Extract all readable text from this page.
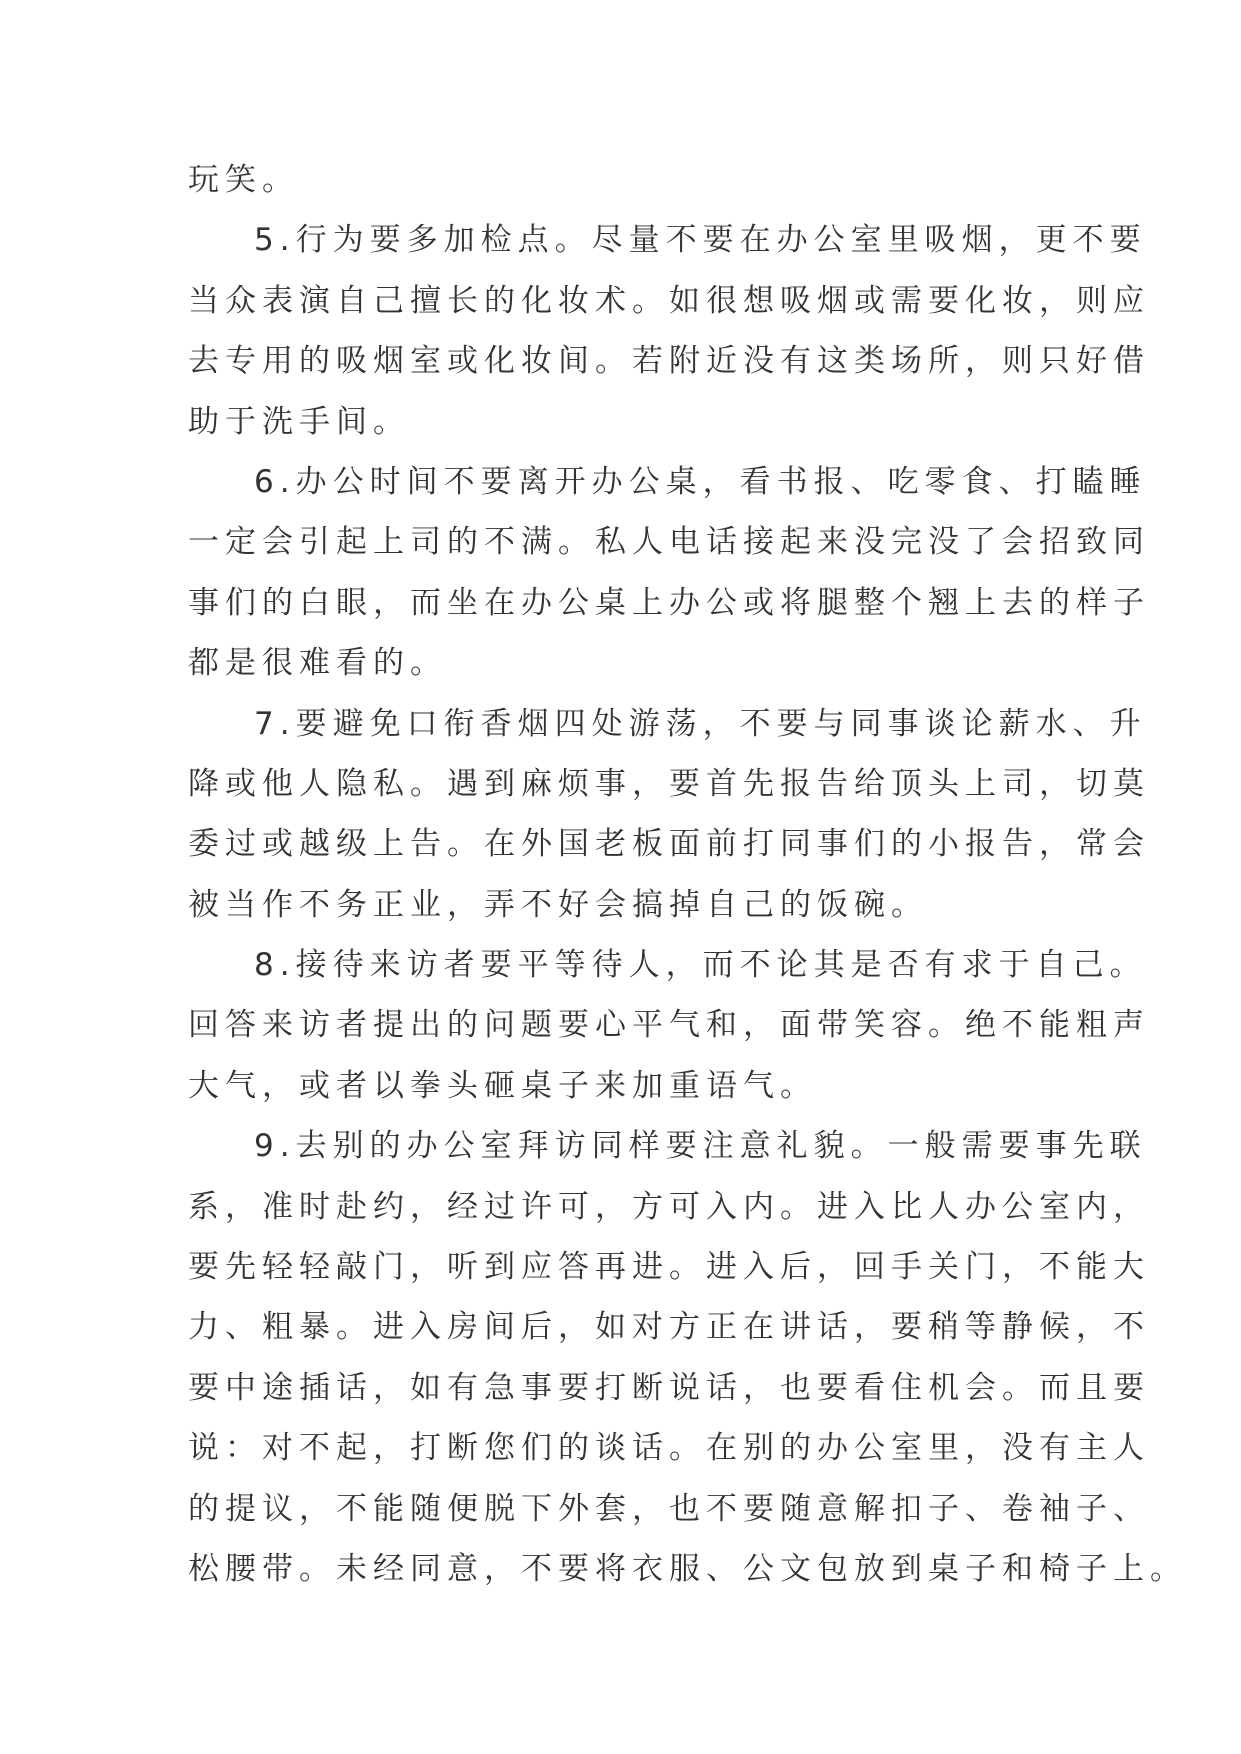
玩笑。
5.行为要多加检点。尽量不要在办公室里吸烟，更不要
当众表演自己擅长的化妆术。如很想吸烟或需要化妆，则应
去专用的吸烟室或化妆间。若附近没有这类场所，则只好借
助于洗手间。
6.办公时间不要离开办公桌，看书报、吃零食、打瞌睡
一定会引起上司的不满。私人电话接起来没完没了会招致同
事们的白眼，而坐在办公桌上办公或将腿整个翘上去的样子
都是很难看的。
7.要避免口衔香烟四处游荡，不要与同事谈论薪水、升
降或他人隐私。遇到麻烦事，要首先报告给顶头上司，切莫
委过或越级上告。在外国老板面前打同事们的小报告，常会
被当作不务正业，弄不好会搞掉自己的饭碗。
8.接待来访者要平等待人，而不论其是否有求于自己。
回答来访者提出的问题要心平气和，面带笑容。绝不能粗声
大气，或者以拳头砸桌子来加重语气。
9.去别的办公室拜访同样要注意礼貌。一般需要事先联
系，准时赴约，经过许可，方可入内。进入比人办公室内，
要先轻轻敲门，听到应答再进。进入后，回手关门，不能大
力、粗暴。进入房间后，如对方正在讲话，要稍等静候，不
要中途插话，如有急事要打断说话，也要看住机会。而且要
说：对不起，打断您们的谈话。在别的办公室里，没有主人
的提议，不能随便脱下外套，也不要随意解扣子、卷袖子、
松腰带。未经同意，不要将衣服、公文包放到桌子和椅子上。
